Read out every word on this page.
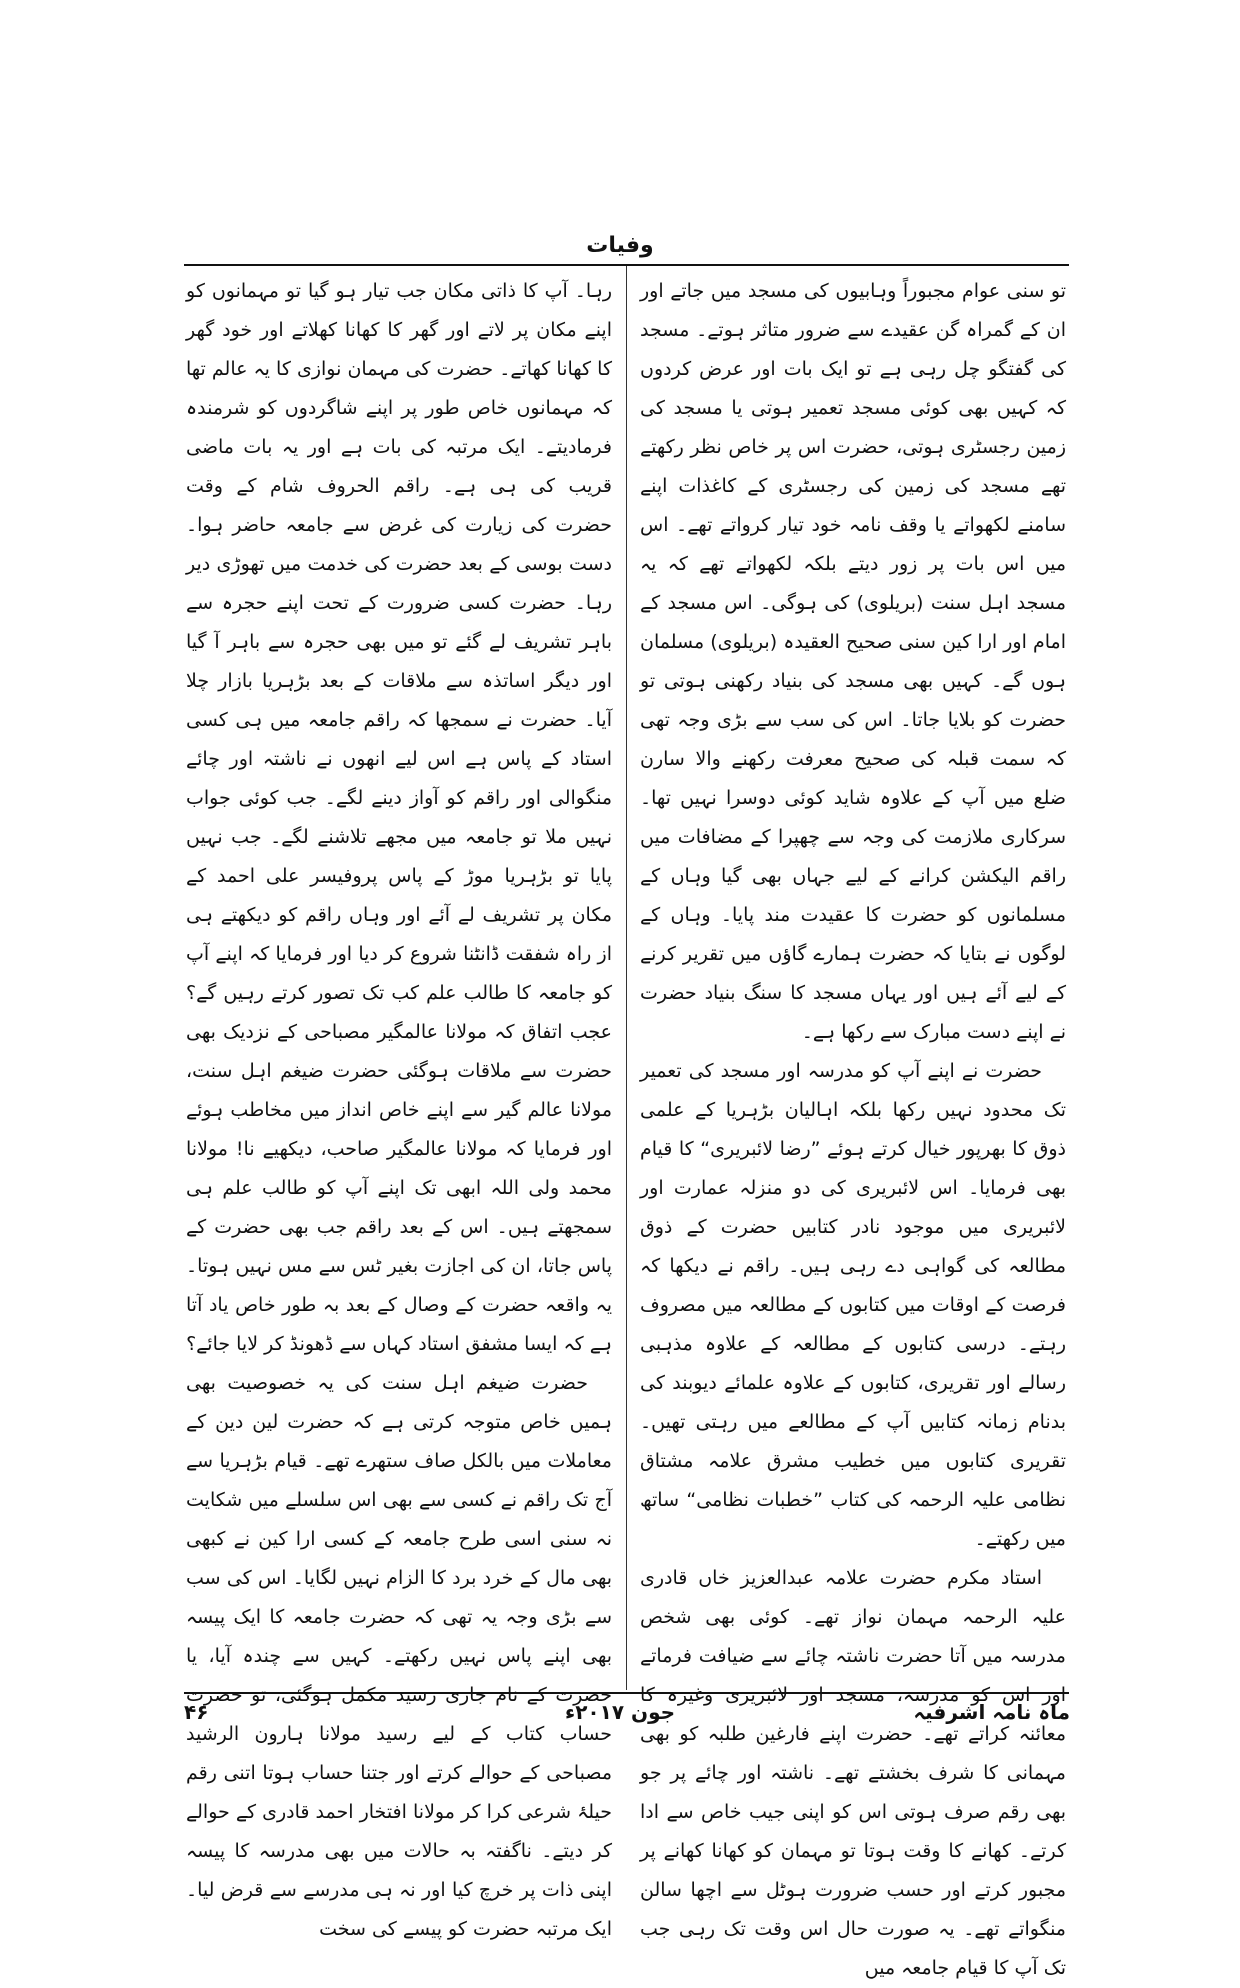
وفیات

تو سنی عوام مجبوراً وہابیوں کی مسجد میں جاتے اور ان کے گمراہ گن عقیدے سے ضرور متاثر ہوتے۔ مسجد کی گفتگو چل رہی ہے تو ایک بات اور عرض کردوں کہ کہیں بھی کوئی مسجد تعمیر ہوتی یا مسجد کی زمین رجسٹری ہوتی، حضرت اس پر خاص نظر رکھتے تھے مسجد کی زمین کی رجسٹری کے کاغذات اپنے سامنے لکھواتے یا وقف نامہ خود تیار کرواتے تھے۔ اس میں اس بات پر زور دیتے بلکہ لکھواتے تھے کہ یہ مسجد اہل سنت (بریلوی) کی ہوگی۔ اس مسجد کے امام اور ارا کین سنی صحیح العقیدہ (بریلوی) مسلمان ہوں گے۔ کہیں بھی مسجد کی بنیاد رکھنی ہوتی تو حضرت کو بلایا جاتا۔ اس کی سب سے بڑی وجہ تھی کہ سمت قبلہ کی صحیح معرفت رکھنے والا سارن ضلع میں آپ کے علاوہ شاید کوئی دوسرا نہیں تھا۔ سرکاری ملازمت کی وجہ سے چھپرا کے مضافات میں راقم الیکشن کرانے کے لیے جہاں بھی گیا وہاں کے مسلمانوں کو حضرت کا عقیدت مند پایا۔ وہاں کے لوگوں نے بتایا کہ حضرت ہمارے گاؤں میں تقریر کرنے کے لیے آئے ہیں اور یہاں مسجد کا سنگ بنیاد حضرت نے اپنے دست مبارک سے رکھا ہے۔

حضرت نے اپنے آپ کو مدرسہ اور مسجد کی تعمیر تک محدود نہیں رکھا بلکہ اہالیان بڑہریا کے علمی ذوق کا بھرپور خیال کرتے ہوئے ”رضا لائبریری“ کا قیام بھی فرمایا۔ اس لائبریری کی دو منزلہ عمارت اور لائبریری میں موجود نادر کتابیں حضرت کے ذوق مطالعہ کی گواہی دے رہی ہیں۔ راقم نے دیکھا کہ فرصت کے اوقات میں کتابوں کے مطالعہ میں مصروف رہتے۔ درسی کتابوں کے مطالعہ کے علاوہ مذہبی رسالے اور تقریری، کتابوں کے علاوہ علمائے دیوبند کی بدنام زمانہ کتابیں آپ کے مطالعے میں رہتی تھیں۔ تقریری کتابوں میں خطیب مشرق علامہ مشتاق نظامی علیہ الرحمہ کی کتاب ”خطبات نظامی“ ساتھ میں رکھتے۔

استاد مکرم حضرت علامہ عبدالعزیز خاں قادری علیہ الرحمہ مہمان نواز تھے۔ کوئی بھی شخص مدرسہ میں آتا حضرت ناشتہ چائے سے ضیافت فرماتے اور اس کو مدرسہ، مسجد اور لائبریری وغیرہ کا معائنہ کراتے تھے۔ حضرت اپنے فارغین طلبہ کو بھی مہمانی کا شرف بخشتے تھے۔ ناشتہ اور چائے پر جو بھی رقم صرف ہوتی اس کو اپنی جیب خاص سے ادا کرتے۔ کھانے کا وقت ہوتا تو مہمان کو کھانا کھانے پر مجبور کرتے اور حسب ضرورت ہوٹل سے اچھا سالن منگواتے تھے۔ یہ صورت حال اس وقت تک رہی جب تک آپ کا قیام جامعہ میں

رہا۔ آپ کا ذاتی مکان جب تیار ہو گیا تو مہمانوں کو اپنے مکان پر لاتے اور گھر کا کھانا کھلاتے اور خود گھر کا کھانا کھاتے۔ حضرت کی مہمان نوازی کا یہ عالم تھا کہ مہمانوں خاص طور پر اپنے شاگردوں کو شرمندہ فرمادیتے۔ ایک مرتبہ کی بات ہے اور یہ بات ماضی قریب کی ہی ہے۔ راقم الحروف شام کے وقت حضرت کی زیارت کی غرض سے جامعہ حاضر ہوا۔ دست بوسی کے بعد حضرت کی خدمت میں تھوڑی دیر رہا۔ حضرت کسی ضرورت کے تحت اپنے حجرہ سے باہر تشریف لے گئے تو میں بھی حجرہ سے باہر آ گیا اور دیگر اساتذہ سے ملاقات کے بعد بڑہریا بازار چلا آیا۔ حضرت نے سمجھا کہ راقم جامعہ میں ہی کسی استاد کے پاس ہے اس لیے انھوں نے ناشتہ اور چائے منگوالی اور راقم کو آواز دینے لگے۔ جب کوئی جواب نہیں ملا تو جامعہ میں مجھے تلاشنے لگے۔ جب نہیں پایا تو بڑہریا موڑ کے پاس پروفیسر علی احمد کے مکان پر تشریف لے آئے اور وہاں راقم کو دیکھتے ہی از راہ شفقت ڈانٹنا شروع کر دیا اور فرمایا کہ اپنے آپ کو جامعہ کا طالب علم کب تک تصور کرتے رہیں گے؟ عجب اتفاق کہ مولانا عالمگیر مصباحی کے نزدیک بھی حضرت سے ملاقات ہوگئی حضرت ضیغم اہل سنت، مولانا عالم گیر سے اپنے خاص انداز میں مخاطب ہوئے اور فرمایا کہ مولانا عالمگیر صاحب، دیکھیے نا! مولانا محمد ولی اللہ ابھی تک اپنے آپ کو طالب علم ہی سمجھتے ہیں۔ اس کے بعد راقم جب بھی حضرت کے پاس جاتا، ان کی اجازت بغیر ٹس سے مس نہیں ہوتا۔ یہ واقعہ حضرت کے وصال کے بعد بہ طور خاص یاد آتا ہے کہ ایسا مشفق استاد کہاں سے ڈھونڈ کر لایا جائے؟

حضرت ضیغم اہل سنت کی یہ خصوصیت بھی ہمیں خاص متوجہ کرتی ہے کہ حضرت لین دین کے معاملات میں بالکل صاف ستھرے تھے۔ قیام بڑہریا سے آج تک راقم نے کسی سے بھی اس سلسلے میں شکایت نہ سنی اسی طرح جامعہ کے کسی ارا کین نے کبھی بھی مال کے خرد برد کا الزام نہیں لگایا۔ اس کی سب سے بڑی وجہ یہ تھی کہ حضرت جامعہ کا ایک پیسہ بھی اپنے پاس نہیں رکھتے۔ کہیں سے چندہ آیا، یا حضرت کے نام جاری رسید مکمل ہوگئی، تو حضرت حساب کتاب کے لیے رسید مولانا ہارون الرشید مصباحی کے حوالے کرتے اور جتنا حساب ہوتا اتنی رقم حیلۂ شرعی کرا کر مولانا افتخار احمد قادری کے حوالے کر دیتے۔ ناگفتہ بہ حالات میں بھی مدرسہ کا پیسہ اپنی ذات پر خرچ کیا اور نہ ہی مدرسے سے قرض لیا۔ ایک مرتبہ حضرت کو پیسے کی سخت

ماہ نامہ اشرفیہ
جون ۲۰۱۷ء
۴۶
